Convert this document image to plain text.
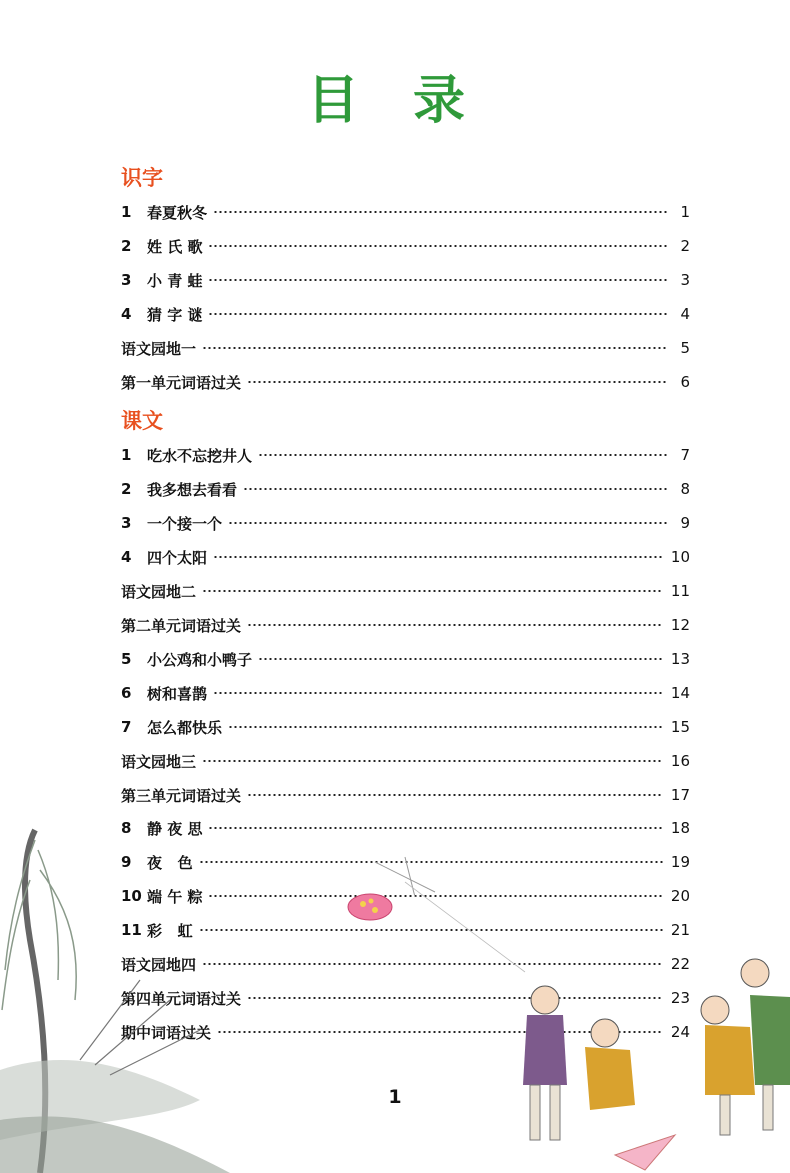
目 录
识字
课文
1	春夏秋冬	1
2	姓 氏 歌	2
3	小 青 蛙	3
4	猜 字 谜	4
语文园地一	5
第一单元词语过关	6
1	吃水不忘挖井人	7
2	我多想去看看	8
3	一个接一个	9
4	四个太阳	10
语文园地二	11
第二单元词语过关	12
5	小公鸡和小鸭子	13
6	树和喜鹊	14
7	怎么都快乐	15
语文园地三	16
第三单元词语过关	17
8	静 夜 思	18
9	夜   色	19
10 端 午 粽	20
11 彩   虹	21
语文园地四	22
第四单元词语过关	23
期中词语过关	24
1
